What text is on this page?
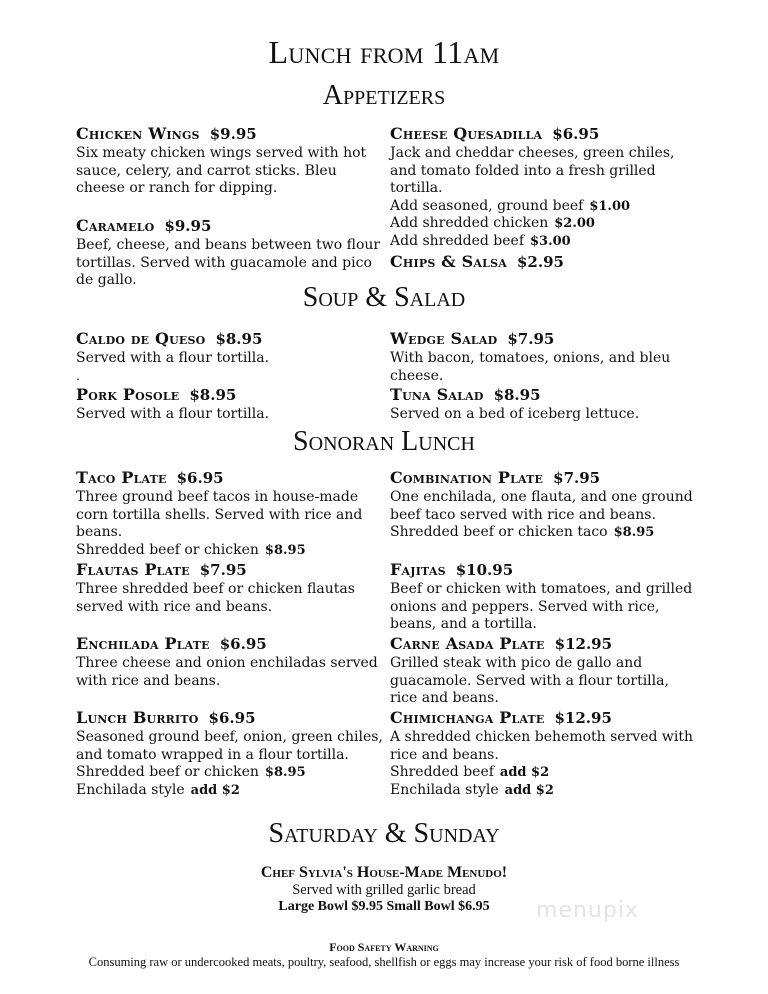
Lunch from 11am
Appetizers
Chicken Wings $9.95
Six meaty chicken wings served with hot sauce, celery, and carrot sticks. Bleu cheese or ranch for dipping.
Caramelo $9.95
Beef, cheese, and beans between two flour tortillas. Served with guacamole and pico de gallo.
Cheese Quesadilla $6.95
Jack and cheddar cheeses, green chiles, and tomato folded into a fresh grilled tortilla.
Add seasoned, ground beef $1.00
Add shredded chicken $2.00
Add shredded beef $3.00
Chips & Salsa $2.95
Soup & Salad
Caldo de Queso $8.95
Served with a flour tortilla.
.
Pork Posole $8.95
Served with a flour tortilla.
Wedge Salad $7.95
With bacon, tomatoes, onions, and bleu cheese.
Tuna Salad $8.95
Served on a bed of iceberg lettuce.
Sonoran Lunch
Taco Plate $6.95
Three ground beef tacos in house-made corn tortilla shells. Served with rice and beans.
Shredded beef or chicken $8.95
Flautas Plate $7.95
Three shredded beef or chicken flautas served with rice and beans.
Enchilada Plate $6.95
Three cheese and onion enchiladas served with rice and beans.
Lunch Burrito $6.95
Seasoned ground beef, onion, green chiles, and tomato wrapped in a flour tortilla.
Shredded beef or chicken $8.95
Enchilada style add $2
Combination Plate $7.95
One enchilada, one flauta, and one ground beef taco served with rice and beans.
Shredded beef or chicken taco $8.95
Fajitas $10.95
Beef or chicken with tomatoes, and grilled onions and peppers. Served with rice, beans, and a tortilla.
Carne Asada Plate $12.95
Grilled steak with pico de gallo and guacamole. Served with a flour tortilla, rice and beans.
Chimichanga Plate $12.95
A shredded chicken behemoth served with rice and beans.
Shredded beef add $2
Enchilada style add $2
Saturday & Sunday
Chef Sylvia's House-Made Menudo!
Served with grilled garlic bread
Large Bowl $9.95 Small Bowl $6.95
Food Safety Warning
Consuming raw or undercooked meats, poultry, seafood, shellfish or eggs may increase your risk of food borne illness
menupix
